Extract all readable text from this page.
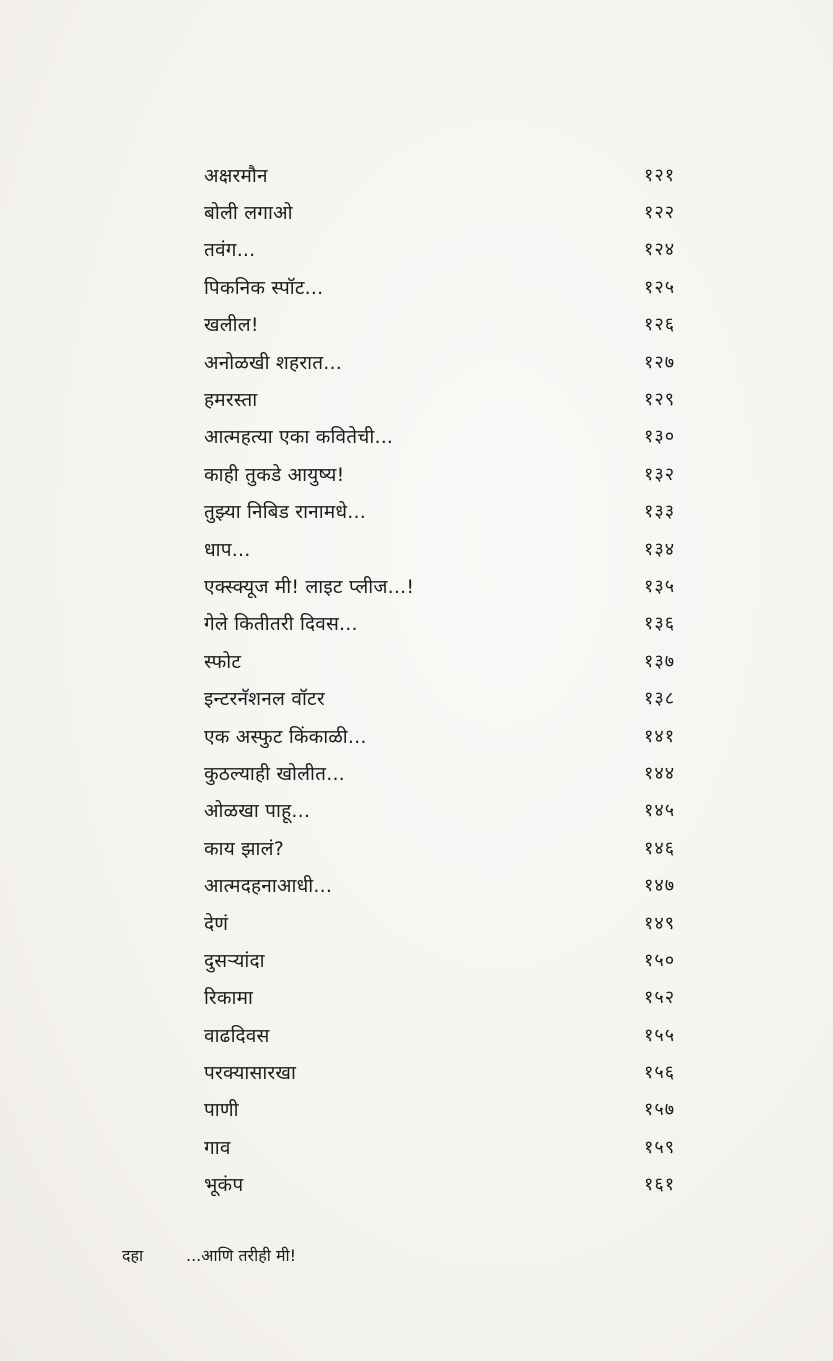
अक्षरमौन	१२१
बोली लगाओ	१२२
तवंग...	१२४
पिकनिक स्पॉट...	१२५
खलील!	१२६
अनोळखी शहरात...	१२७
हमरस्ता	१२९
आत्महत्या एका कवितेची...	१३०
काही तुकडे आयुष्य!	१३२
तुझ्या निबिड रानामधे...	१३३
धाप...	१३४
एक्स्क्यूज मी! लाइट प्लीज...!	१३५
गेले कितीतरी दिवस...	१३६
स्फोट	१३७
इन्टरनॅशनल वॉटर	१३८
एक अस्फुट किंकाळी...	१४१
कुठल्याही खोलीत...	१४४
ओळखा पाहू...	१४५
काय झालं?	१४६
आत्मदहनाआधी...	१४७
देणं	१४९
दुसऱ्यांदा	१५०
रिकामा	१५२
वाढदिवस	१५५
परक्यासारखा	१५६
पाणी	१५७
गाव	१५९
भूकंप	१६१
दहा	...आणि तरीही मी!
